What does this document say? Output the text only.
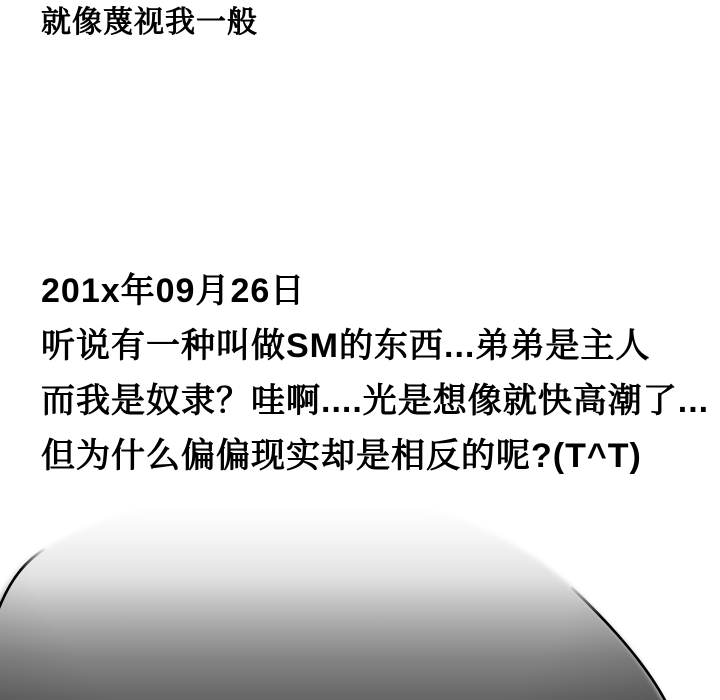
就像蔑视我一般
201x年09月26日
听说有一种叫做SM的东西...弟弟是主人
而我是奴隶？哇啊....光是想像就快高潮了...
但为什么偏偏现实却是相反的呢?(T^T)
